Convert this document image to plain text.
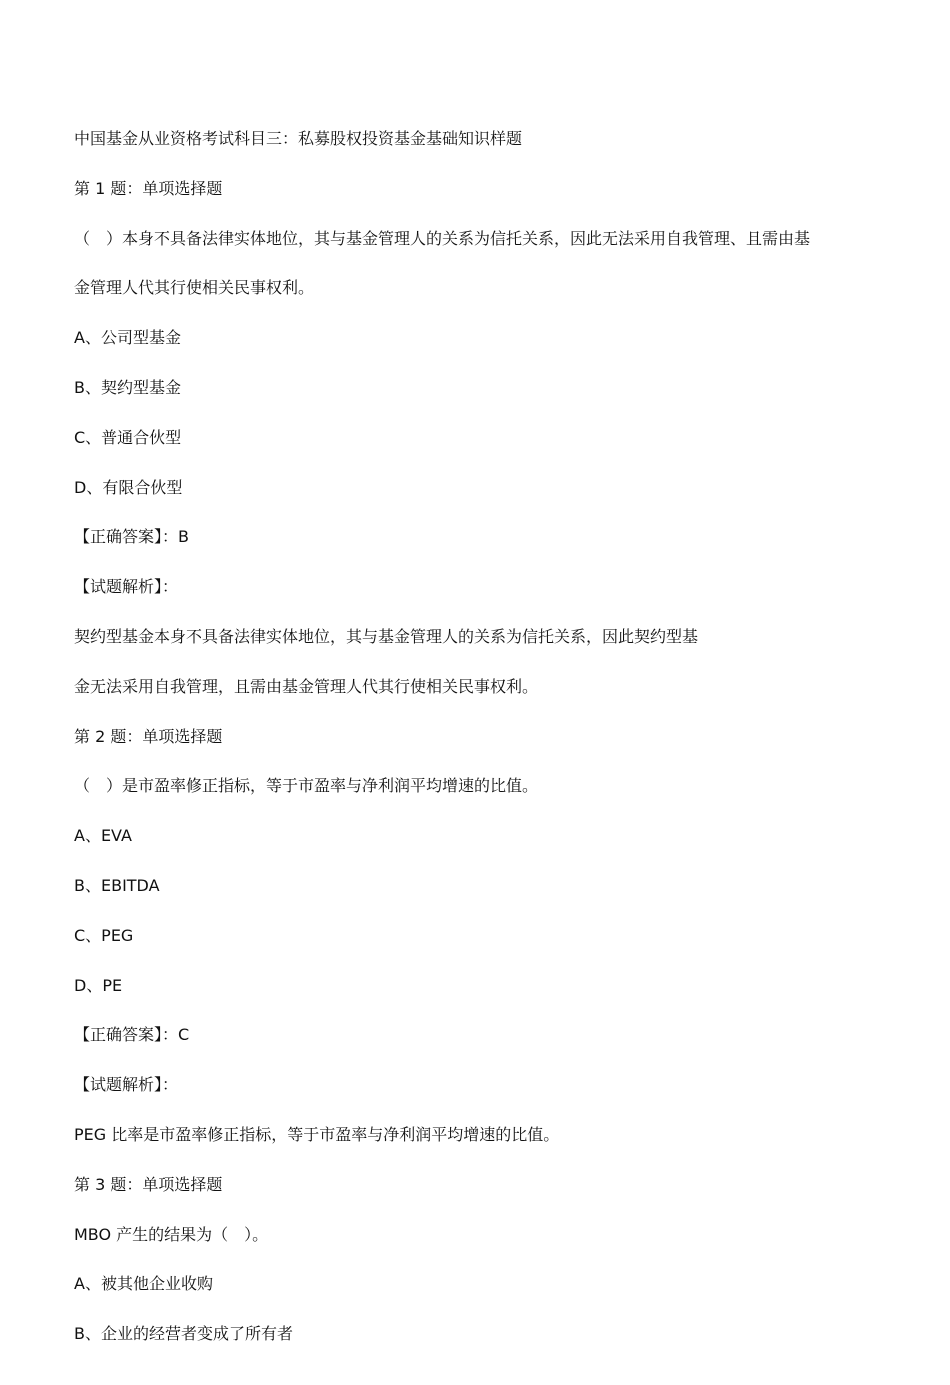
中国基金从业资格考试科目三：私募股权投资基金基础知识样题
第 1 题：单项选择题
（　）本身不具备法律实体地位，其与基金管理人的关系为信托关系，因此无法采用自我管理、且需由基
金管理人代其行使相关民事权利。
A、公司型基金
B、契约型基金
C、普通合伙型
D、有限合伙型
【正确答案】：B
【试题解析】：
契约型基金本身不具备法律实体地位，其与基金管理人的关系为信托关系，因此契约型基
金无法采用自我管理，且需由基金管理人代其行使相关民事权利。
第 2 题：单项选择题
（　）是市盈率修正指标，等于市盈率与净利润平均增速的比值。
A、EVA
B、EBITDA
C、PEG
D、PE
【正确答案】：C
【试题解析】：
PEG 比率是市盈率修正指标，等于市盈率与净利润平均增速的比值。
第 3 题：单项选择题
MBO 产生的结果为（　）。
A、被其他企业收购
B、企业的经营者变成了所有者
